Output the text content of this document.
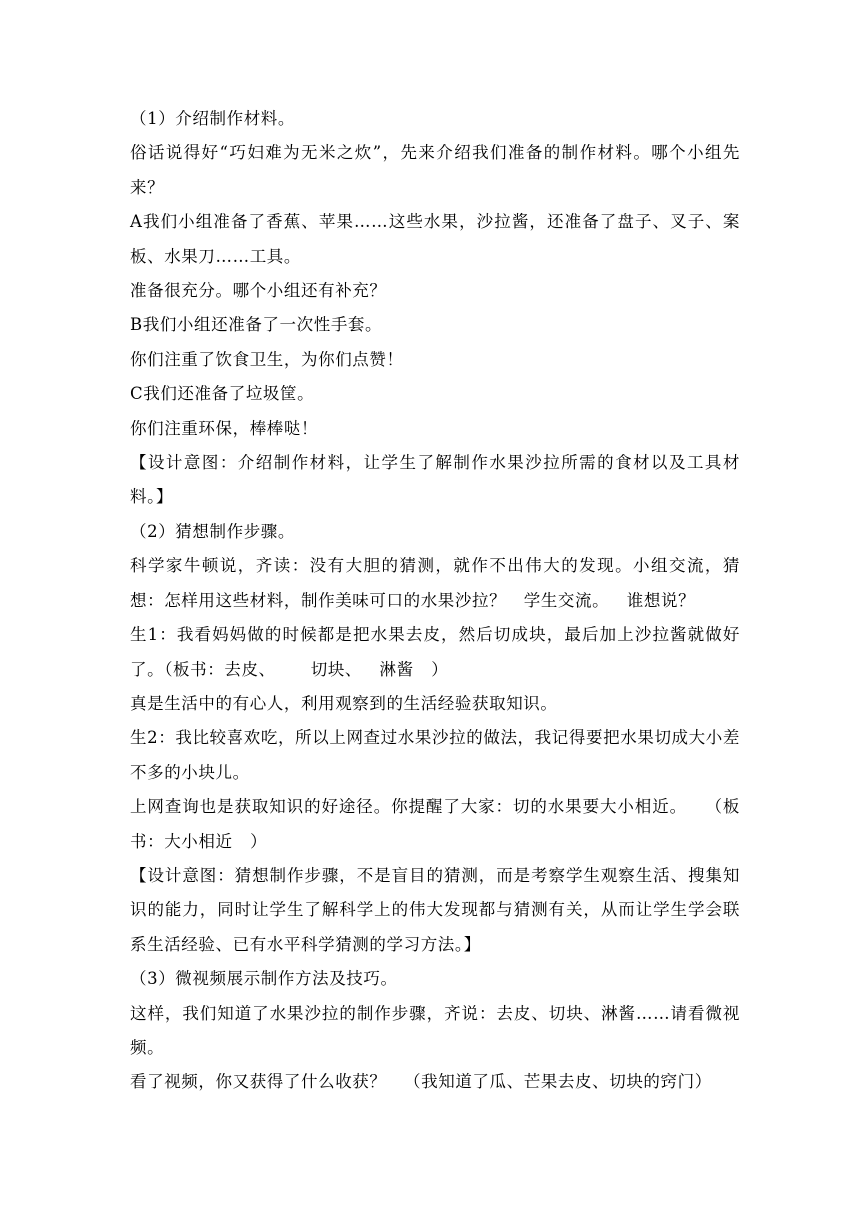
（1）介绍制作材料。

俗话说得好“巧妇难为无米之炊”，先来介绍我们准备的制作材料。哪个小组先来？

A我们小组准备了香蕉、苹果……这些水果，沙拉酱，还准备了盘子、叉子、案板、水果刀……工具。

准备很充分。哪个小组还有补充？

B我们小组还准备了一次性手套。

你们注重了饮食卫生，为你们点赞！

C我们还准备了垃圾筐。

你们注重环保，棒棒哒！

【设计意图：介绍制作材料，让学生了解制作水果沙拉所需的食材以及工具材料。】

（2）猜想制作步骤。

科学家牛顿说，齐读：没有大胆的猜测，就作不出伟大的发现。小组交流，猜想：怎样用这些材料，制作美味可口的水果沙拉？   学生交流。   谁想说？

生1：我看妈妈做的时候都是把水果去皮，然后切成块，最后加上沙拉酱就做好了。（板书：去皮、      切块、   淋酱   ）

真是生活中的有心人，利用观察到的生活经验获取知识。

生2：我比较喜欢吃，所以上网查过水果沙拉的做法，我记得要把水果切成大小差不多的小块儿。

上网查询也是获取知识的好途径。你提醒了大家：切的水果要大小相近。   （板书：大小相近   ）

【设计意图：猜想制作步骤，不是盲目的猜测，而是考察学生观察生活、搜集知识的能力，同时让学生了解科学上的伟大发现都与猜测有关，从而让学生学会联系生活经验、已有水平科学猜测的学习方法。】

（3）微视频展示制作方法及技巧。

这样，我们知道了水果沙拉的制作步骤，齐说：去皮、切块、淋酱……请看微视频。

看了视频，你又获得了什么收获？   （我知道了瓜、芒果去皮、切块的窍门）
